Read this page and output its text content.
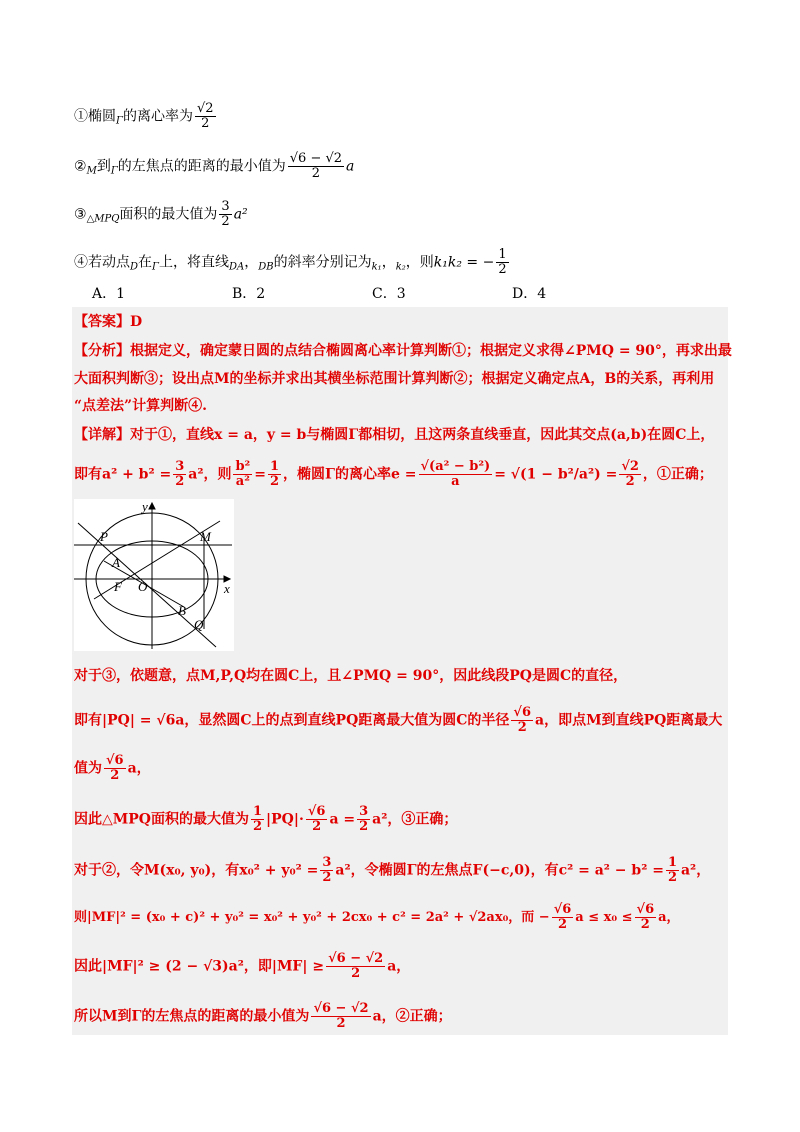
①椭圆$_\Gamma$的离心率为 $\frac{√2}{2}$
$②_M$到$_\Gamma$的左焦点的距离的最小值为 $\frac{√6 - √2}{2}$ a
$③_{\triangle MPQ}$面积的最大值为 $\frac{3}{2} a^2$
④若动点$_D$在$_\Gamma$上，将直线$_{DA}$，$_{DB}$的斜率分别记为$_{k_1}$，$_{k_2}$，则k₁k₂ = − $\frac{1}{2}$
A．1	B．2	C．3	D．4
【答案】D
【分析】根据定义，确定蒙日圆的点结合椭圆离心率计算判断①；根据定义求得∠PMQ = 90°，再求出最
大面积判断③；设出点M的坐标并求出其横坐标范围计算判断②；根据定义确定点A，B的关系，再利用
“点差法”计算判断④.
【详解】对于①，直线x = a，y = b与椭圆Γ都相切，且这两条直线垂直，因此其交点(a,b)在圆C上，
即有$a^2 + b^2 = \frac{3}{2} a^2$，则 $\frac{\text{b²}}{\text{a²}} = \frac{1}{2}$ ，椭圆Γ的离心率$e = \frac{\text{√(a² − b²)}}{a} = √(1 - b^2/a^2) = \frac{√2}{2}$ ，①正确；
y
x
P	M
A
F O
B
Q
对于③，依题意，点M,P,Q均在圆C上，且∠PMQ = 90°，因此线段PQ是圆C的直径，
即有|PQ| = √6a，显然圆C上的点到直线PQ距离最大值为圆C的半径 $\frac{√6}{2}$ a，即点M到直线PQ距离最大
值为 $\frac{√6}{2}$ a，
因此△MPQ面积的最大值为 $\frac{1}{2} |PQ|\cdot \frac{√6}{2}$ $a = \frac{3}{2} a^2$，③正确；
对于②，令M(x₀, y₀)，有$x_0^2 + y_0^2 = \frac{3}{2} a^2$，令椭圆Γ的左焦点F(−c,0)，有$c^2 = a^2 - b^2 = \frac{1}{2} a^2$，
则|MF|² = (x₀ + c)² + y₀² = x₀² + y₀² + 2cx₀ + c² = 2a² + √2ax₀，而 − $\frac{√6}{2}$ $a \le x_0 \le \frac{√6}{2}$ a，
因此|MF|² ≥ (2 − √3)a²，即$|MF| \ge \frac{√6 - √2}{2}$ a，
所以M到Γ的左焦点的距离的最小值为 $\frac{√6 - √2}{2}$ a，②正确；
